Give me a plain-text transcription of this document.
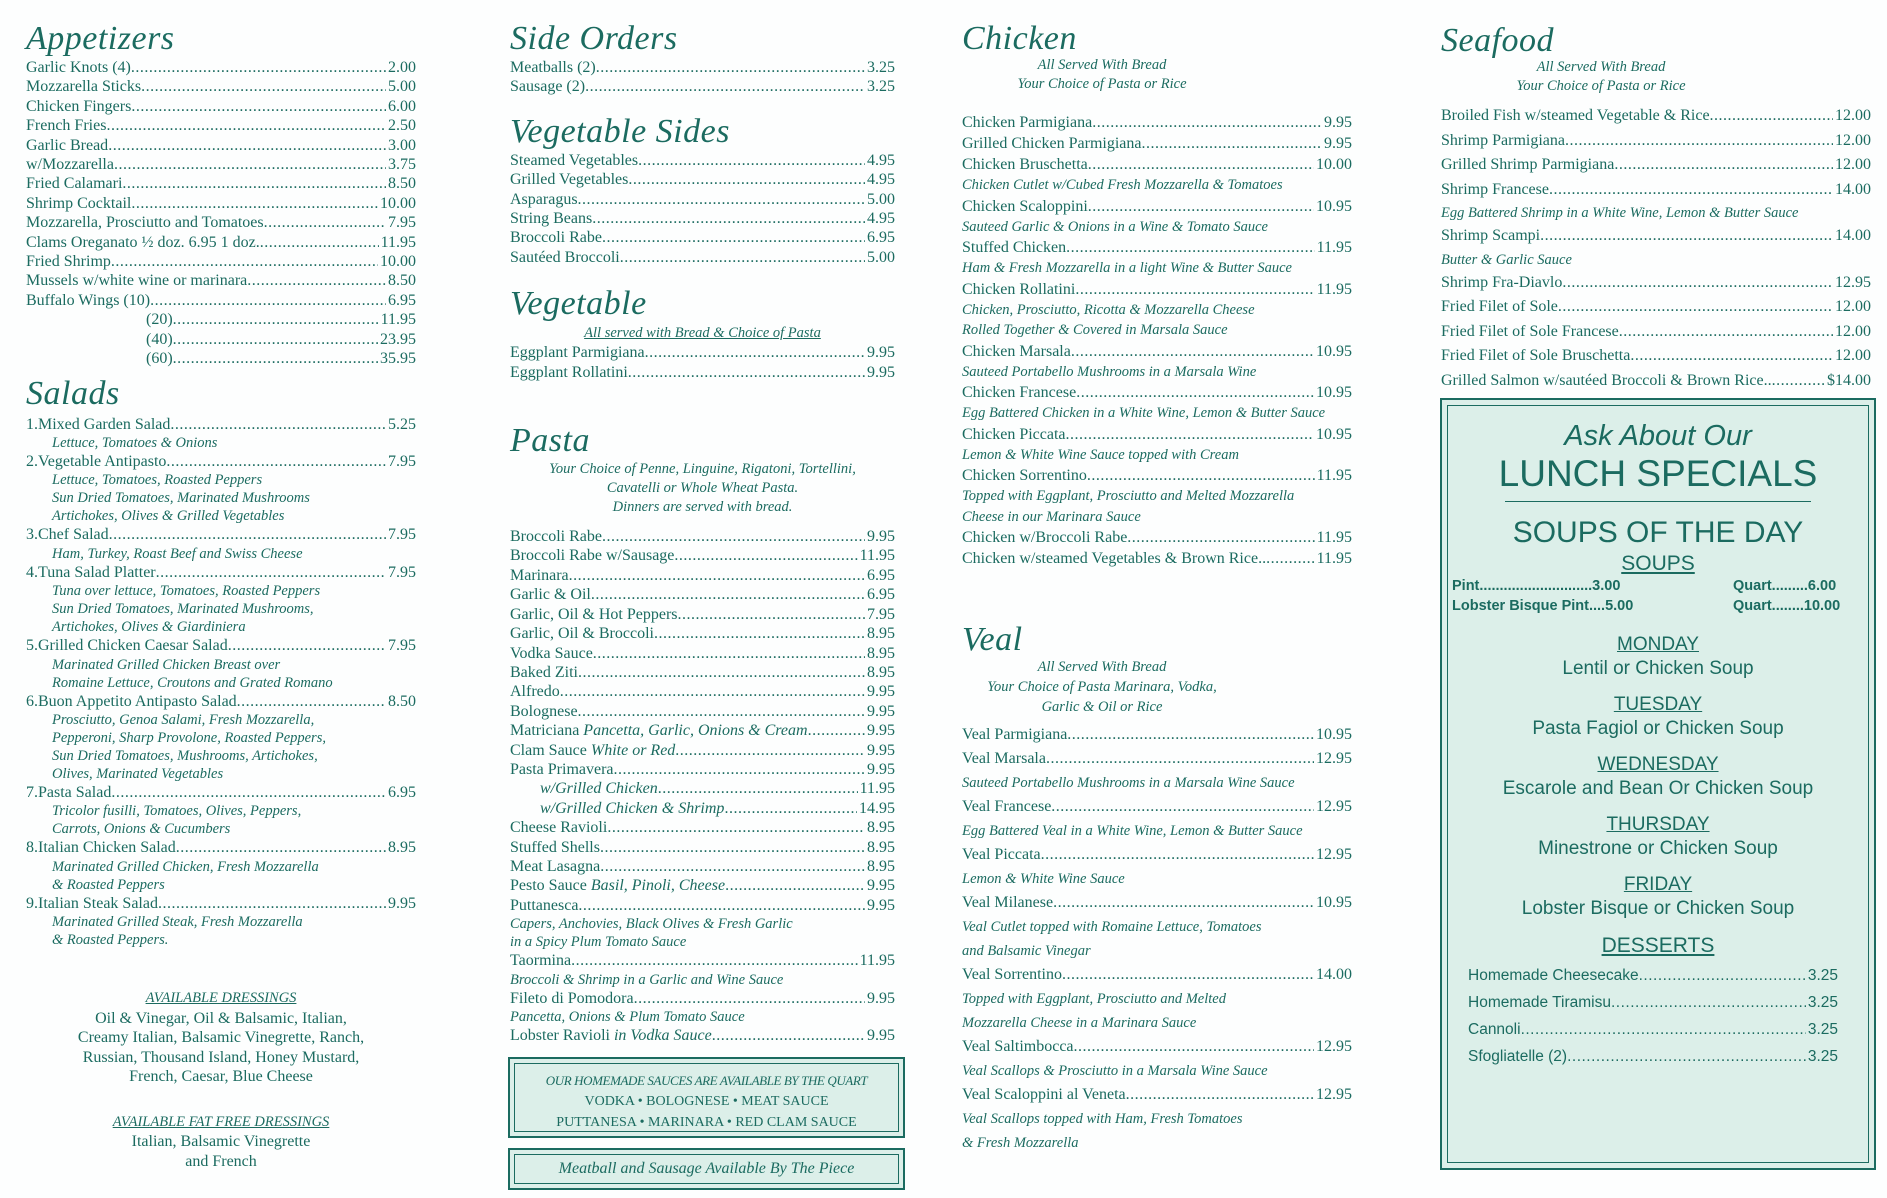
Appetizers
Garlic Knots (4) .....	2.00
Mozzarella Sticks .....	5.00
Chicken Fingers .....	6.00
French Fries .....	2.50
Garlic Bread .....	3.00
w/Mozzarella .....	3.75
Fried Calamari .....	8.50
Shrimp Cocktail .....	10.00
Mozzarella, Prosciutto and Tomatoes .....	7.95
Clams Oreganato ½ doz. 6.95 1 doz. .....	11.95
Fried Shrimp .....	10.00
Mussels w/white wine or marinara .....	8.50
Buffalo Wings (10) .....	6.95
(20) .....	11.95
(40) .....	23.95
(60) .....	35.95
Salads
1. Mixed Garden Salad .....	5.25
Lettuce, Tomatoes & Onions
2. Vegetable Antipasto .....	7.95
Lettuce, Tomatoes, Roasted Peppers
Sun Dried Tomatoes, Marinated Mushrooms
Artichokes, Olives & Grilled Vegetables
3. Chef Salad .....	7.95
Ham, Turkey, Roast Beef and Swiss Cheese
4. Tuna Salad Platter .....	7.95
Tuna over lettuce, Tomatoes, Roasted Peppers
Sun Dried Tomatoes, Marinated Mushrooms,
Artichokes, Olives & Giardiniera
5. Grilled Chicken Caesar Salad .....	7.95
Marinated Grilled Chicken Breast over
Romaine Lettuce, Croutons and Grated Romano
6. Buon Appetito Antipasto Salad .....	8.50
Prosciutto, Genoa Salami, Fresh Mozzarella,
Pepperoni, Sharp Provolone, Roasted Peppers,
Sun Dried Tomatoes, Mushrooms, Artichokes,
Olives, Marinated Vegetables
7. Pasta Salad .....	6.95
Tricolor fusilli, Tomatoes, Olives, Peppers,
Carrots, Onions & Cucumbers
8. Italian Chicken Salad .....	8.95
Marinated Grilled Chicken, Fresh Mozzarella
& Roasted Peppers
9. Italian Steak Salad .....	9.95
Marinated Grilled Steak, Fresh Mozzarella
& Roasted Peppers.
AVAILABLE DRESSINGS
Oil & Vinegar, Oil & Balsamic, Italian,
Creamy Italian, Balsamic Vinegrette, Ranch,
Russian, Thousand Island, Honey Mustard,
French, Caesar, Blue Cheese
AVAILABLE FAT FREE DRESSINGS
Italian, Balsamic Vinegrette
and French
Side Orders
Meatballs (2) .....	3.25
Sausage (2) .....	3.25
Vegetable Sides
Steamed Vegetables .....	4.95
Grilled Vegetables .....	4.95
Asparagus .....	5.00
String Beans .....	4.95
Broccoli Rabe .....	6.95
Sautéed Broccoli .....	5.00
Vegetable
All served with Bread & Choice of Pasta
Eggplant Parmigiana .....	9.95
Eggplant Rollatini .....	9.95
Pasta
Your Choice of Penne, Linguine, Rigatoni, Tortellini,
Cavatelli or Whole Wheat Pasta.
Dinners are served with bread.
Broccoli Rabe .....	9.95
Broccoli Rabe w/Sausage .....	11.95
Marinara .....	6.95
Garlic & Oil .....	6.95
Garlic, Oil & Hot Peppers .....	7.95
Garlic, Oil & Broccoli .....	8.95
Vodka Sauce .....	8.95
Baked Ziti .....	8.95
Alfredo .....	9.95
Bolognese .....	9.95
Matriciana Pancetta, Garlic, Onions & Cream .....	9.95
Clam Sauce White or Red .....	9.95
Pasta Primavera .....	9.95
w/Grilled Chicken .....	11.95
w/Grilled Chicken & Shrimp .....	14.95
Cheese Ravioli .....	8.95
Stuffed Shells .....	8.95
Meat Lasagna .....	8.95
Pesto Sauce Basil, Pinoli, Cheese .....	9.95
Puttanesca .....	9.95
Capers, Anchovies, Black Olives & Fresh Garlic
in a Spicy Plum Tomato Sauce
Taormina .....	11.95
Broccoli & Shrimp in a Garlic and Wine Sauce
Fileto di Pomodora .....	9.95
Pancetta, Onions & Plum Tomato Sauce
Lobster Ravioli in Vodka Sauce .....	9.95
OUR HOMEMADE SAUCES ARE AVAILABLE BY THE QUART
VODKA • BOLOGNESE • MEAT SAUCE
PUTTANESA • MARINARA • RED CLAM SAUCE
Meatball and Sausage Available By The Piece
Chicken
All Served With Bread
Your Choice of Pasta or Rice
Chicken Parmigiana .....	9.95
Grilled Chicken Parmigiana .....	9.95
Chicken Bruschetta .....	10.00
Chicken Cutlet w/Cubed Fresh Mozzarella & Tomatoes
Chicken Scaloppini .....	10.95
Sauteed Garlic & Onions in a Wine & Tomato Sauce
Stuffed Chicken .....	11.95
Ham & Fresh Mozzarella in a light Wine & Butter Sauce
Chicken Rollatini .....	11.95
Chicken, Prosciutto, Ricotta & Mozzarella Cheese
Rolled Together & Covered in Marsala Sauce
Chicken Marsala .....	10.95
Sauteed Portabello Mushrooms in a Marsala Wine
Chicken Francese .....	10.95
Egg Battered Chicken in a White Wine, Lemon & Butter Sauce
Chicken Piccata .....	10.95
Lemon & White Wine Sauce topped with Cream
Chicken Sorrentino .....	11.95
Topped with Eggplant, Prosciutto and Melted Mozzarella
Cheese in our Marinara Sauce
Chicken w/Broccoli Rabe .....	11.95
Chicken w/steamed Vegetables & Brown Rice.. .....	11.95
Veal
All Served With Bread
Your Choice of Pasta Marinara, Vodka,
Garlic & Oil or Rice
Veal Parmigiana .....	10.95
Veal Marsala .....	12.95
Sauteed Portabello Mushrooms in a Marsala Wine Sauce
Veal Francese .....	12.95
Egg Battered Veal in a White Wine, Lemon & Butter Sauce
Veal Piccata .....	12.95
Lemon & White Wine Sauce
Veal Milanese .....	10.95
Veal Cutlet topped with Romaine Lettuce, Tomatoes
and Balsamic Vinegar
Veal Sorrentino .....	14.00
Topped with Eggplant, Prosciutto and Melted
Mozzarella Cheese in a Marinara Sauce
Veal Saltimbocca .....	12.95
Veal Scallops & Prosciutto in a Marsala Wine Sauce
Veal Scaloppini al Veneta .....	12.95
Veal Scallops topped with Ham, Fresh Tomatoes
& Fresh Mozzarella
Seafood
All Served With Bread
Your Choice of Pasta or Rice
Broiled Fish w/steamed Vegetable & Rice .....	12.00
Shrimp Parmigiana .....	12.00
Grilled Shrimp Parmigiana .....	12.00
Shrimp Francese .....	14.00
Egg Battered Shrimp in a White Wine, Lemon & Butter Sauce
Shrimp Scampi .....	14.00
Butter & Garlic Sauce
Shrimp Fra-Diavlo .....	12.95
Fried Filet of Sole .....	12.00
Fried Filet of Sole Francese .....	12.00
Fried Filet of Sole Bruschetta .....	12.00
Grilled Salmon w/sautéed Broccoli & Brown Rice.. .....	$14.00
Ask About Our
LUNCH SPECIALS
SOUPS OF THE DAY
SOUPS
Pint............................3.00	Quart.........6.00
Lobster Bisque Pint....5.00	Quart........10.00
MONDAY
Lentil or Chicken Soup
TUESDAY
Pasta Fagiol or Chicken Soup
WEDNESDAY
Escarole and Bean Or Chicken Soup
THURSDAY
Minestrone or Chicken Soup
FRIDAY
Lobster Bisque or Chicken Soup
DESSERTS
Homemade Cheesecake .....	3.25
Homemade Tiramisu .....	3.25
Cannoli .....	3.25
Sfogliatelle (2) .....	3.25
